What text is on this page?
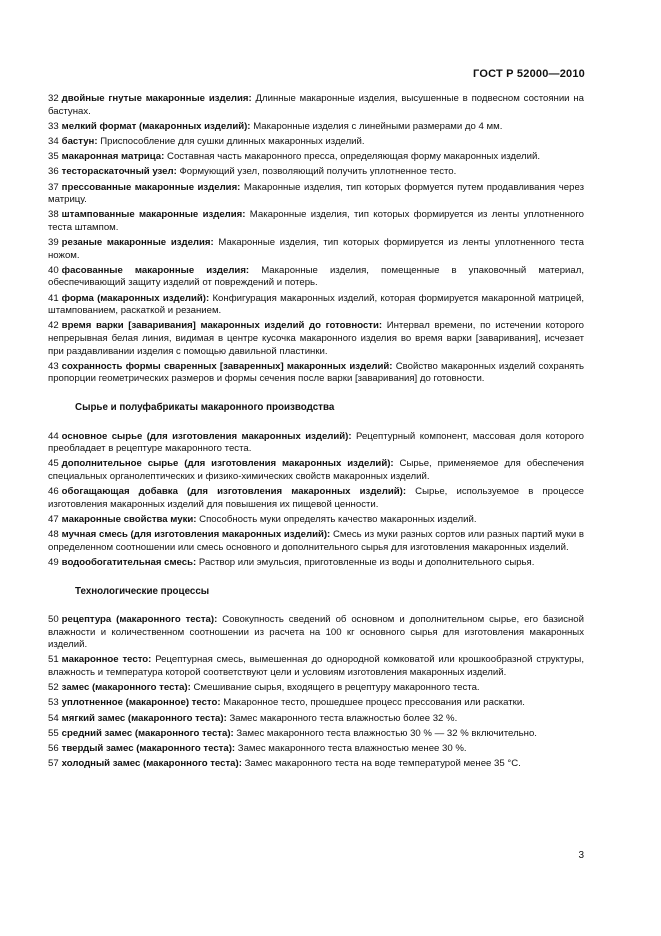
ГОСТ Р 52000—2010
32 двойные гнутые макаронные изделия: Длинные макаронные изделия, высушенные в подвесном состоянии на бастунах.
33 мелкий формат (макаронных изделий): Макаронные изделия с линейными размерами до 4 мм.
34 бастун: Приспособление для сушки длинных макаронных изделий.
35 макаронная матрица: Составная часть макаронного пресса, определяющая форму макаронных изделий.
36 тестораскаточный узел: Формующий узел, позволяющий получить уплотненное тесто.
37 прессованные макаронные изделия: Макаронные изделия, тип которых формуется путем продавливания через матрицу.
38 штампованные макаронные изделия: Макаронные изделия, тип которых формируется из ленты уплотненного теста штампом.
39 резаные макаронные изделия: Макаронные изделия, тип которых формируется из ленты уплотненного теста ножом.
40 фасованные макаронные изделия: Макаронные изделия, помещенные в упаковочный материал, обеспечивающий защиту изделий от повреждений и потерь.
41 форма (макаронных изделий): Конфигурация макаронных изделий, которая формируется макаронной матрицей, штампованием, раскаткой и резанием.
42 время варки [заваривания] макаронных изделий до готовности: Интервал времени, по истечении которого непрерывная белая линия, видимая в центре кусочка макаронного изделия во время варки [заваривания], исчезает при раздавливании изделия с помощью давильной пластинки.
43 сохранность формы сваренных [заваренных] макаронных изделий: Свойство макаронных изделий сохранять пропорции геометрических размеров и формы сечения после варки [заваривания] до готовности.
Сырье и полуфабрикаты макаронного производства
44 основное сырье (для изготовления макаронных изделий): Рецептурный компонент, массовая доля которого преобладает в рецептуре макаронного теста.
45 дополнительное сырье (для изготовления макаронных изделий): Сырье, применяемое для обеспечения специальных органолептических и физико-химических свойств макаронных изделий.
46 обогащающая добавка (для изготовления макаронных изделий): Сырье, используемое в процессе изготовления макаронных изделий для повышения их пищевой ценности.
47 макаронные свойства муки: Способность муки определять качество макаронных изделий.
48 мучная смесь (для изготовления макаронных изделий): Смесь из муки разных сортов или разных партий муки в определенном соотношении или смесь основного и дополнительного сырья для изготовления макаронных изделий.
49 водообогатительная смесь: Раствор или эмульсия, приготовленные из воды и дополнительного сырья.
Технологические процессы
50 рецептура (макаронного теста): Совокупность сведений об основном и дополнительном сырье, его базисной влажности и количественном соотношении из расчета на 100 кг основного сырья для изготовления макаронных изделий.
51 макаронное тесто: Рецептурная смесь, вымешенная до однородной комковатой или крошкообразной структуры, влажность и температура которой соответствуют цели и условиям изготовления макаронных изделий.
52 замес (макаронного теста): Смешивание сырья, входящего в рецептуру макаронного теста.
53 уплотненное (макаронное) тесто: Макаронное тесто, прошедшее процесс прессования или раскатки.
54 мягкий замес (макаронного теста): Замес макаронного теста влажностью более 32 %.
55 средний замес (макаронного теста): Замес макаронного теста влажностью 30 % — 32 % включительно.
56 твердый замес (макаронного теста): Замес макаронного теста влажностью менее 30 %.
57 холодный замес (макаронного теста): Замес макаронного теста на воде температурой менее 35 °С.
3
